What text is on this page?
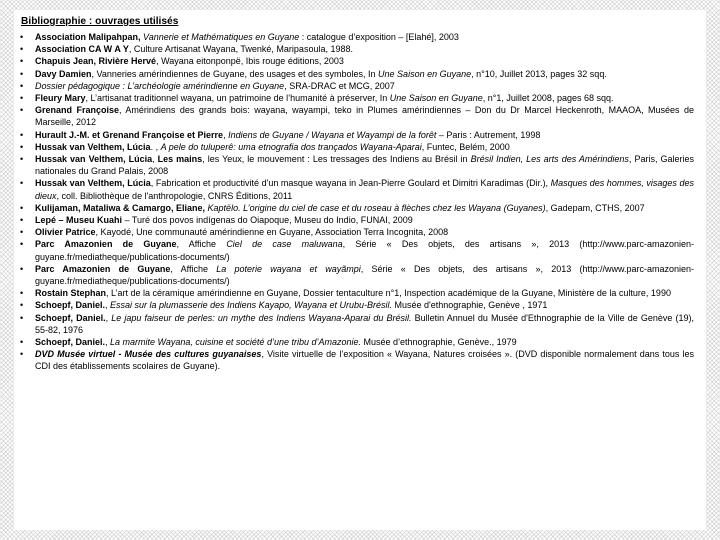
Bibliographie : ouvrages utilisés
• Association Malipahpan, Vannerie et Mathématiques en Guyane : catalogue d’exposition – [Elahé], 2003
• Association CA W A Y, Culture Artisanat Wayana, Twenké, Maripasoula, 1988.
• Chapuis Jean, Rivière Hervé, Wayana eitonponpë, Ibis rouge éditions, 2003
• Davy Damien, Vanneries amérindiennes de Guyane, des usages et des symboles, In Une Saison en Guyane, n°10, Juillet 2013, pages 32 sqq.
• Dossier pédagogique : L’archéologie amérindienne en Guyane, SRA-DRAC et MCG, 2007
• Fleury Mary, L’artisanat traditionnel wayana, un patrimoine de l’humanité à préserver, In Une Saison en Guyane, n°1, Juillet 2008, pages 68 sqq.
• Grenand Françoise, Amérindiens des grands bois: wayana, wayampi, teko in Plumes amérindiennes – Don du Dr Marcel Heckenroth, MAAOA, Musées de Marseille, 2012
• Hurault J.-M. et Grenand Françoise et Pierre, Indiens de Guyane / Wayana et Wayampi de la forêt – Paris : Autrement, 1998
• Hussak van Velthem, Lúcia. , A pele do tuluperê: uma etnografia dos trançados Wayana-Aparai, Funtec, Belém, 2000
• Hussak van Velthem, Lúcia, Les mains, les Yeux, le mouvement : Les tressages des Indiens au Brésil in Brésil Indien, Les arts des Amérindiens, Paris, Galeries nationales du Grand Palais, 2008
• Hussak van Velthem, Lúcia, Fabrication et productivité d'un masque wayana in Jean-Pierre Goulard et Dimitri Karadimas (Dir.), Masques des hommes, visages des dieux, coll. Bibliothèque de l'anthropologie, CNRS Éditions, 2011
• Kulijaman, Mataliwa & Camargo, Eliane, Kaptëlo. L’origine du ciel de case et du roseau à flèches chez les Wayana (Guyanes), Gadepam, CTHS, 2007
• Lepé – Museu Kuahi – Turé dos povos indígenas do Oiapoque, Museu do Indio, FUNAI, 2009
• Olivier Patrice, Kayodé, Une communauté amérindienne en Guyane, Association Terra Incognita, 2008
• Parc Amazonien de Guyane, Affiche Ciel de case maluwana, Série « Des objets, des artisans », 2013 (http://www.parc-amazonien-guyane.fr/mediatheque/publications-documents/)
• Parc Amazonien de Guyane, Affiche La poterie wayana et wayãmpi, Série « Des objets, des artisans », 2013 (http://www.parc-amazonien-guyane.fr/mediatheque/publications-documents/)
• Rostain Stephan, L’art de la céramique amérindienne en Guyane, Dossier tentaculture n°1, Inspection académique de la Guyane, Ministère de la culture, 1990
• Schoepf, Daniel., Essai sur la plumasserie des Indiens Kayapo, Wayana et Urubu-Brésil. Musée d'ethnographie, Genève , 1971
• Schoepf, Daniel., Le japu faiseur de perles: un mythe des Indiens Wayana-Aparai du Brésil. Bulletin Annuel du Musée d'Ethnographie de la Ville de Genève (19), 55-82, 1976
• Schoepf, Daniel., La marmite Wayana, cuisine et société d’une tribu d’Amazonie. Musée d’ethnographie, Genève., 1979
• DVD Musée virtuel - Musée des cultures guyanaises, Visite virtuelle de l’exposition « Wayana, Natures croisées ». (DVD disponible normalement dans tous les CDI des établissements scolaires de Guyane).
